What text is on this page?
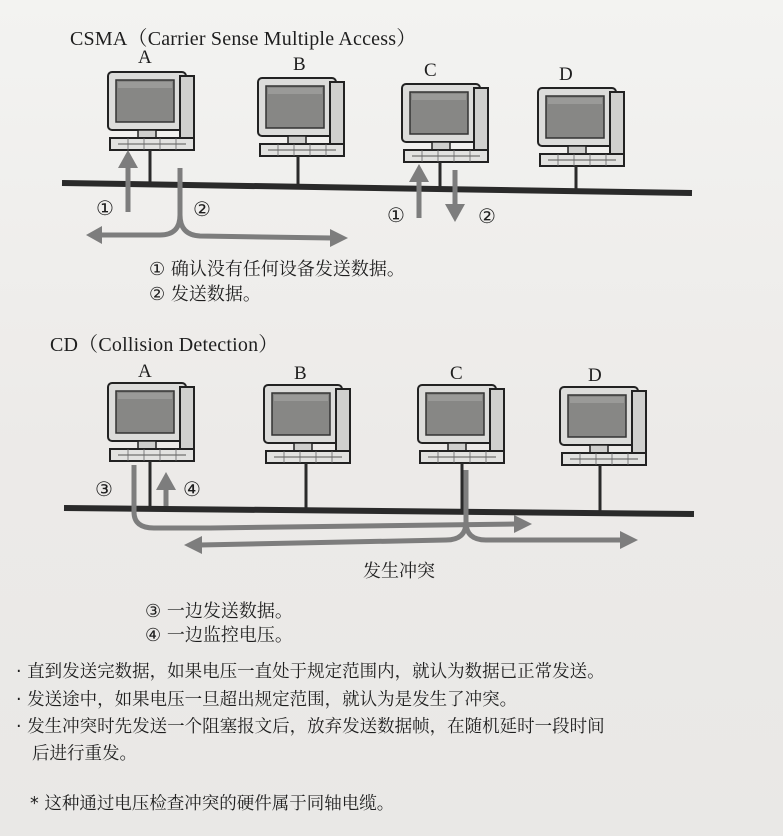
CSMA（Carrier Sense Multiple Access）
A	B	C	D
①	②	①	②
① 确认没有任何设备发送数据。
② 发送数据。
CD（Collision Detection）
A	B	C	D
③	④
发生冲突
③ 一边发送数据。
④ 一边监控电压。
· 直到发送完数据，如果电压一直处于规定范围内，就认为数据已正常发送。
· 发送途中，如果电压一旦超出规定范围，就认为是发生了冲突。
· 发生冲突时先发送一个阻塞报文后，放弃发送数据帧，在随机延时一段时间
后进行重发。
* 这种通过电压检查冲突的硬件属于同轴电缆。
